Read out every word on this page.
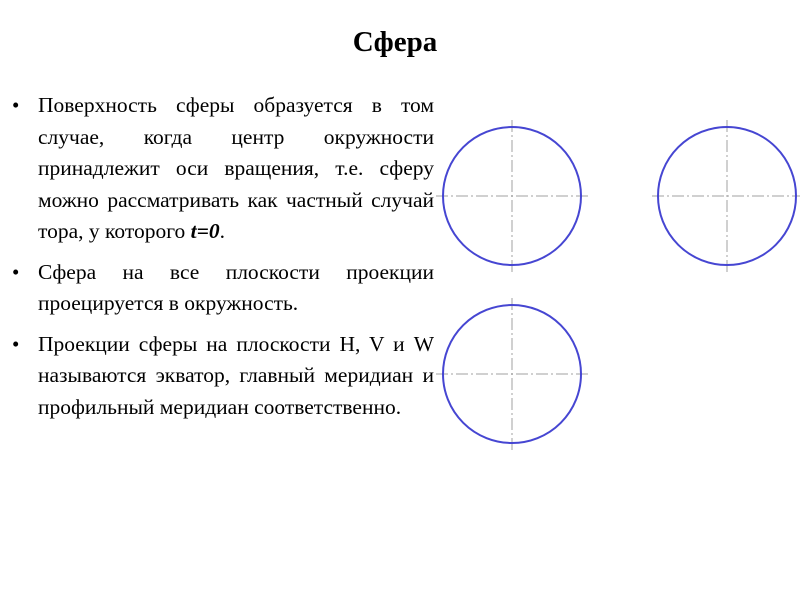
Сфера
• Поверхность сферы образуется в том случае, когда центр окружности принадлежит оси вращения, т.е. сферу можно рассматривать как частный случай тора, у которого t=0.
• Сфера на все плоскости проекции проецируется в окружность.
• Проекции сферы на плоскости H, V и W называются экватор, главный меридиан и профильный меридиан соответственно.
